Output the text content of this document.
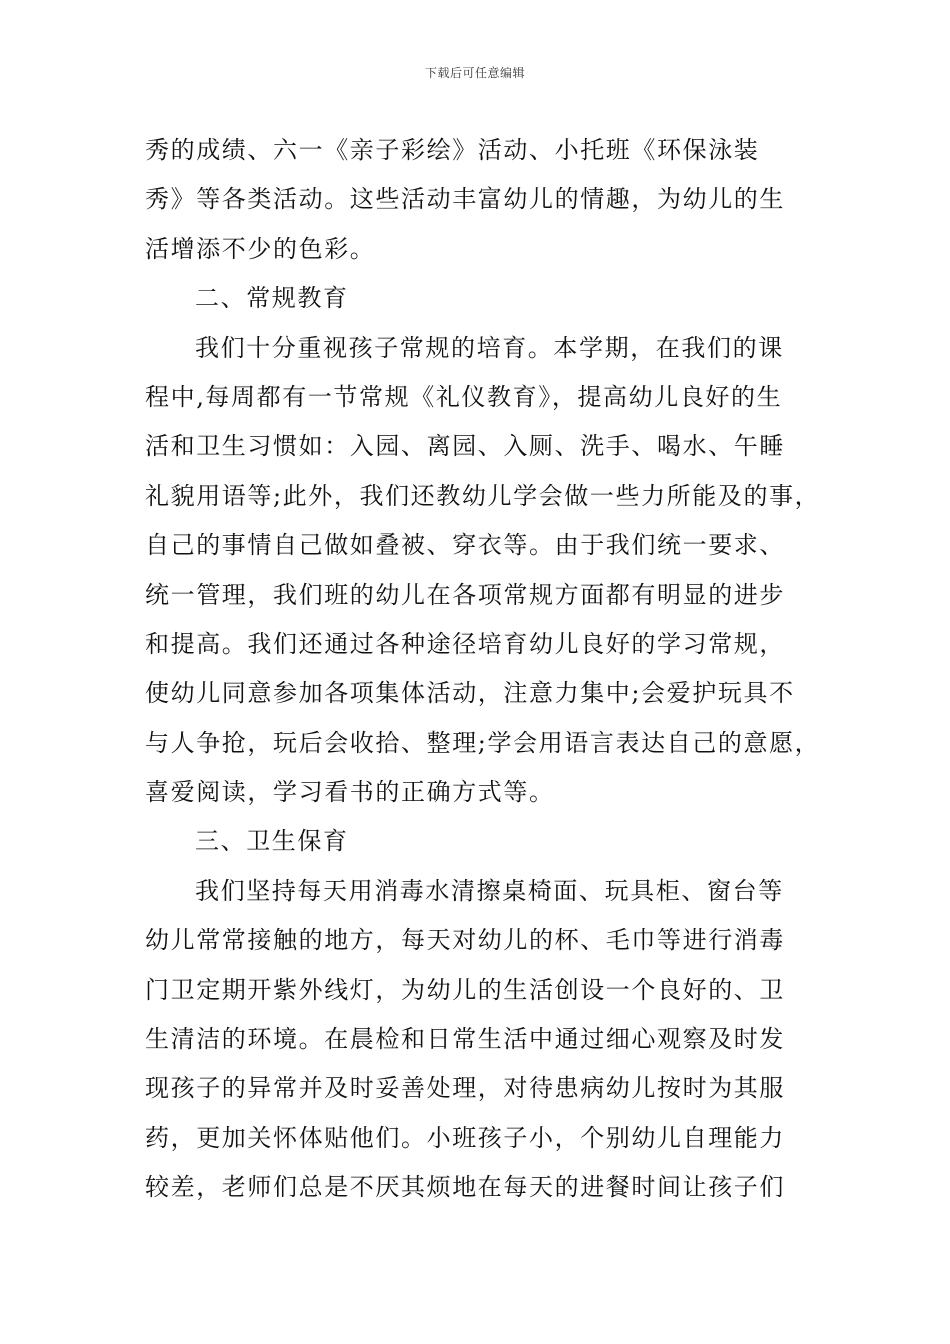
下载后可任意编辑
秀的成绩、六一《亲子彩绘》活动、小托班《环保泳装
秀》等各类活动。这些活动丰富幼儿的情趣，为幼儿的生
活增添不少的色彩。
二、常规教育
我们十分重视孩子常规的培育。本学期，在我们的课
程中,每周都有一节常规《礼仪教育》，提高幼儿良好的生
活和卫生习惯如：入园、离园、入厕、洗手、喝水、午睡
礼貌用语等;此外，我们还教幼儿学会做一些力所能及的事，
自己的事情自己做如叠被、穿衣等。由于我们统一要求、
统一管理，我们班的幼儿在各项常规方面都有明显的进步
和提高。我们还通过各种途径培育幼儿良好的学习常规，
使幼儿同意参加各项集体活动，注意力集中;会爱护玩具不
与人争抢，玩后会收拾、整理;学会用语言表达自己的意愿，
喜爱阅读，学习看书的正确方式等。
三、卫生保育
我们坚持每天用消毒水清擦桌椅面、玩具柜、窗台等
幼儿常常接触的地方，每天对幼儿的杯、毛巾等进行消毒
门卫定期开紫外线灯，为幼儿的生活创设一个良好的、卫
生清洁的环境。在晨检和日常生活中通过细心观察及时发
现孩子的异常并及时妥善处理，对待患病幼儿按时为其服
药，更加关怀体贴他们。小班孩子小，个别幼儿自理能力
较差，老师们总是不厌其烦地在每天的进餐时间让孩子们
